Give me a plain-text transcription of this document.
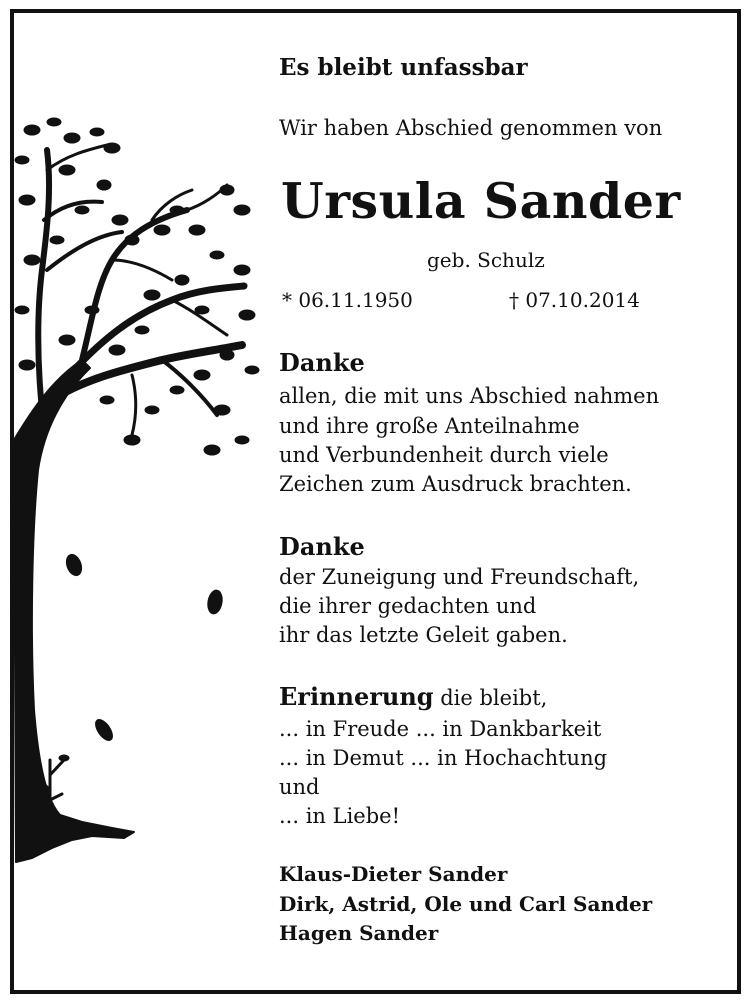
Es bleibt unfassbar
Wir haben Abschied genommen von
Ursula Sander
geb. Schulz
* 06.11.1950	† 07.10.2014
Danke
allen, die mit uns Abschied nahmen
und ihre große Anteilnahme
und Verbundenheit durch viele
Zeichen zum Ausdruck brachten.
Danke
der Zuneigung und Freundschaft,
die ihrer gedachten und
ihr das letzte Geleit gaben.
Erinnerung die bleibt,
... in Freude ... in Dankbarkeit
... in Demut ... in Hochachtung
und
... in Liebe!
Klaus-Dieter Sander
Dirk, Astrid, Ole und Carl Sander
Hagen Sander
